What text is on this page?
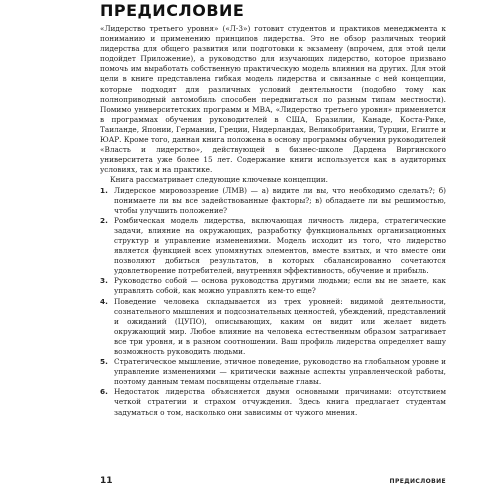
ПРЕДИСЛОВИЕ

«Лидерство третьего уровня» («Л-3») готовит студентов и практиков менеджмента к пониманию и применению принципов лидерства. Это не обзор различных теорий лидерства для общего развития или подготовки к экзамену (впрочем, для этой цели подойдет Приложение), а руководство для изучающих лидерство, которое призвано помочь им выработать собственную практическую модель влияния на других. Для этой цели в книге представлена гибкая модель лидерства и связанные с ней концепции, которые подходят для различных условий деятельности (подобно тому как полноприводный автомобиль способен передвигаться по разным типам местности). Помимо университетских программ и МВА, «Лидерство третьего уровня» применяется в программах обучения руководителей в США, Бразилии, Канаде, Коста-Рике, Таиланде, Японии, Германии, Греции, Нидерландах, Великобритании, Турции, Египте и ЮАР. Кроме того, данная книга положена в основу программы обучения руководителей «Власть и лидерство», действующей в бизнес-школе Дардена Виргинского университета уже более 15 лет. Содержание книги используется как в аудиторных условиях, так и на практике.

Книга рассматривает следующие ключевые концепции.

1. Лидерское мировоззрение (ЛМВ) — а) видите ли вы, что необходимо сделать?; б) понимаете ли вы все задействованные факторы?; в) обладаете ли вы решимостью, чтобы улучшить положение?
2. Ромбическая модель лидерства, включающая личность лидера, стратегические задачи, влияние на окружающих, разработку функциональных организационных структур и управление изменениями. Модель исходит из того, что лидерство является функцией всех упомянутых элементов, вместе взятых, и что вместе они позволяют добиться результатов, в которых сбалансированно сочетаются удовлетворение потребителей, внутренняя эффективность, обучение и прибыль.
3. Руководство собой — основа руководства другими людьми; если вы не знаете, как управлять собой, как можно управлять кем-то еще?
4. Поведение человека складывается из трех уровней: видимой деятельности, сознательного мышления и подсознательных ценностей, убеждений, представлений и ожиданий (ЦУПО), описывающих, каким он видит или желает видеть окружающий мир. Любое влияние на человека естественным образом затрагивает все три уровня, и в разном соотношении. Ваш профиль лидерства определяет вашу возможность руководить людьми.
5. Стратегическое мышление, этичное поведение, руководство на глобальном уровне и управление изменениями — критически важные аспекты управленческой работы, поэтому данным темам посвящены отдельные главы.
6. Недостаток лидерства объясняется двумя основными причинами: отсутствием четкой стратегии и страхом отчуждения. Здесь книга предлагает студентам задуматься о том, насколько они зависимы от чужого мнения.
11	ПРЕДИСЛОВИЕ
